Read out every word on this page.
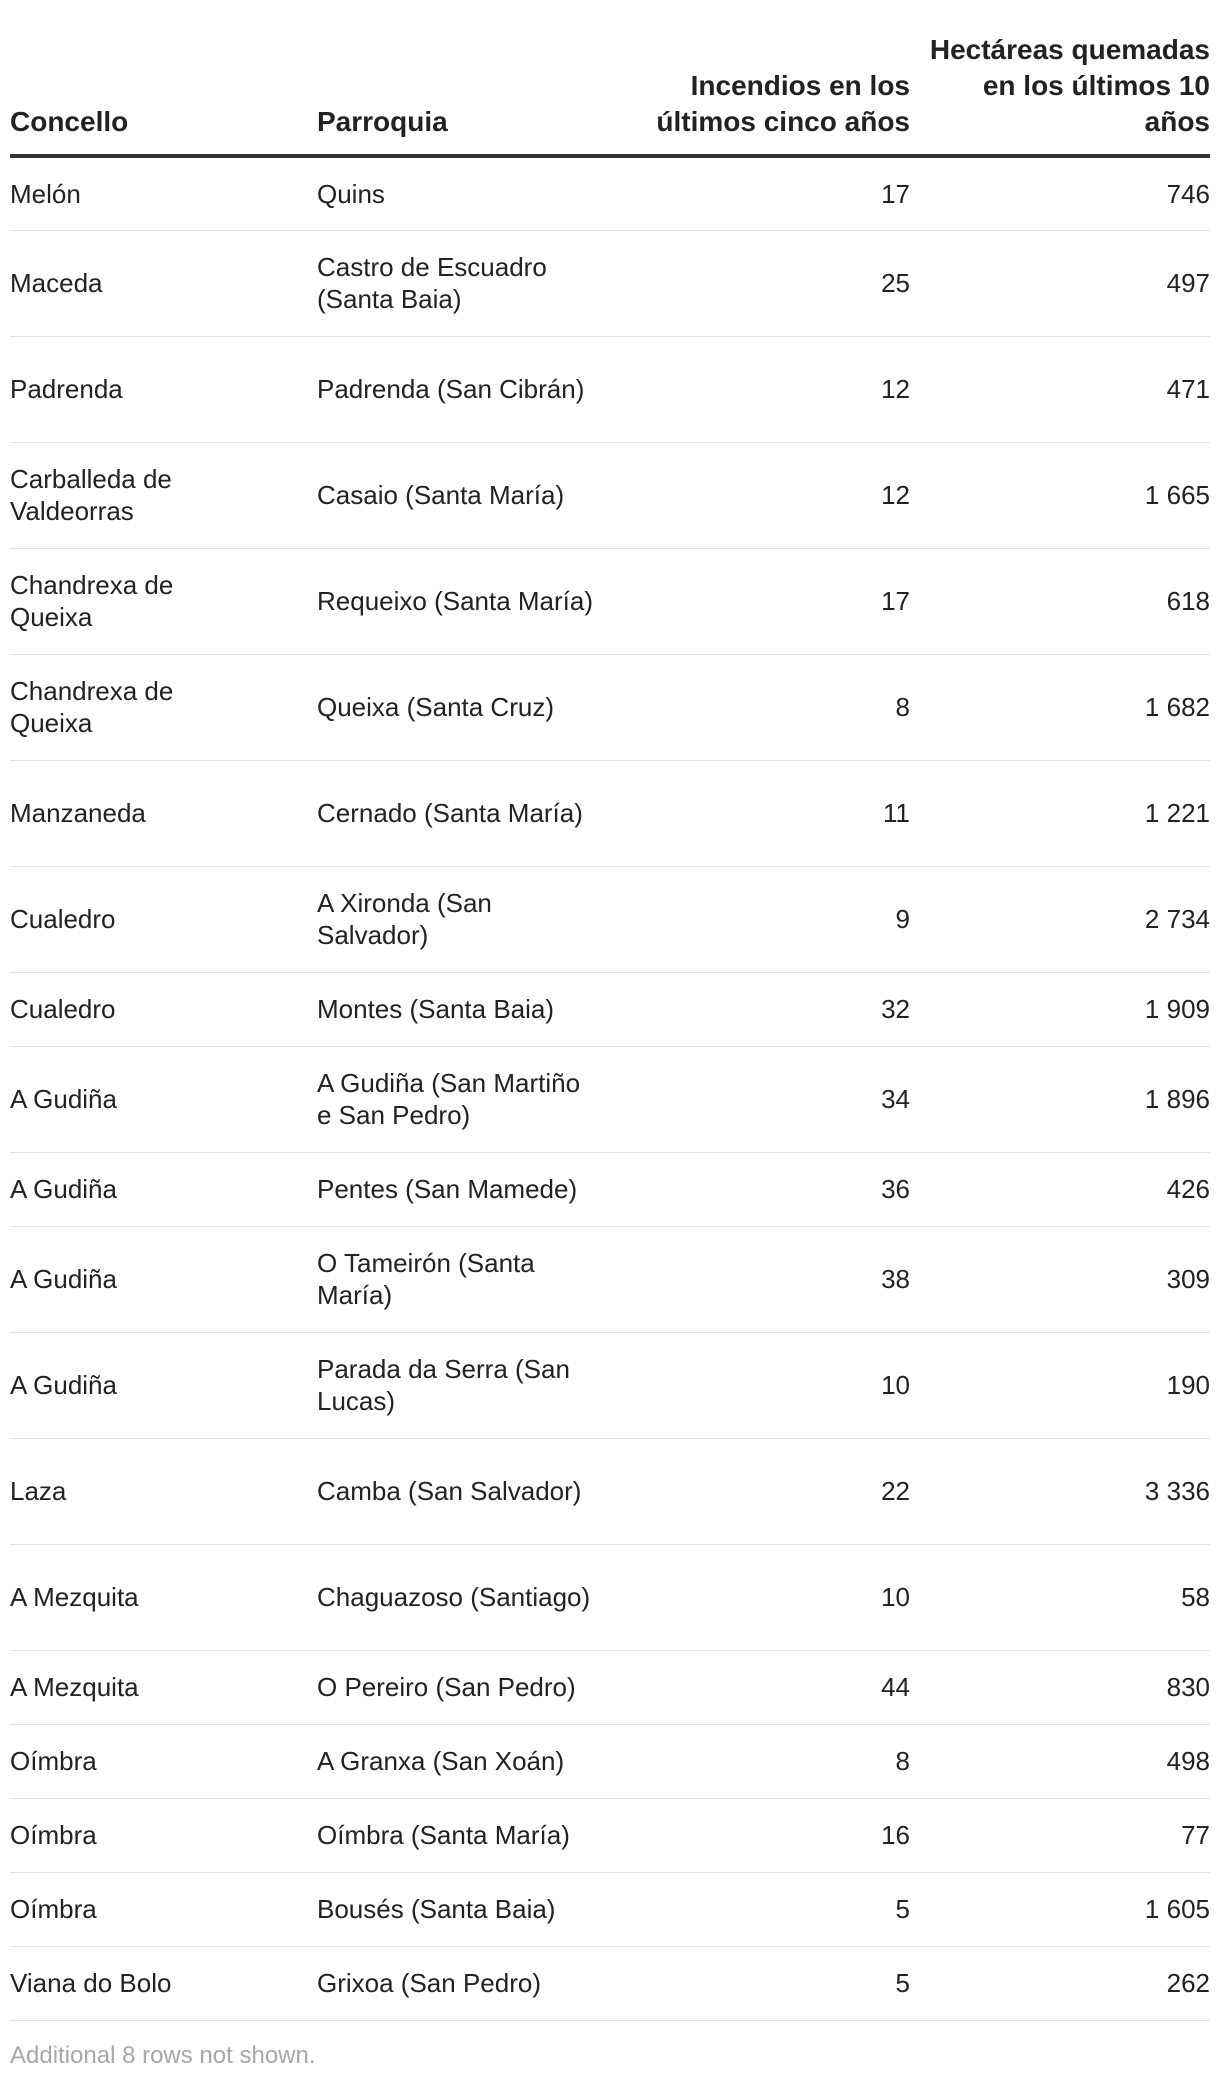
Concello	Parroquia	Incendios en los últimos cinco años	Hectáreas quemadas en los últimos 10 años
Melón	Quins	17	746
Maceda	Castro de Escuadro (Santa Baia)	25	497
Padrenda	Padrenda (San Cibrán)	12	471
Carballeda de Valdeorras	Casaio (Santa María)	12	1 665
Chandrexa de Queixa	Requeixo (Santa María)	17	618
Chandrexa de Queixa	Queixa (Santa Cruz)	8	1 682
Manzaneda	Cernado (Santa María)	11	1 221
Cualedro	A Xironda (San Salvador)	9	2 734
Cualedro	Montes (Santa Baia)	32	1 909
A Gudiña	A Gudiña (San Martiño e San Pedro)	34	1 896
A Gudiña	Pentes (San Mamede)	36	426
A Gudiña	O Tameirón (Santa María)	38	309
A Gudiña	Parada da Serra (San Lucas)	10	190
Laza	Camba (San Salvador)	22	3 336
A Mezquita	Chaguazoso (Santiago)	10	58
A Mezquita	O Pereiro (San Pedro)	44	830
Oímbra	A Granxa (San Xoán)	8	498
Oímbra	Oímbra (Santa María)	16	77
Oímbra	Bousés (Santa Baia)	5	1 605
Viana do Bolo	Grixoa (San Pedro)	5	262
Additional 8 rows not shown.
